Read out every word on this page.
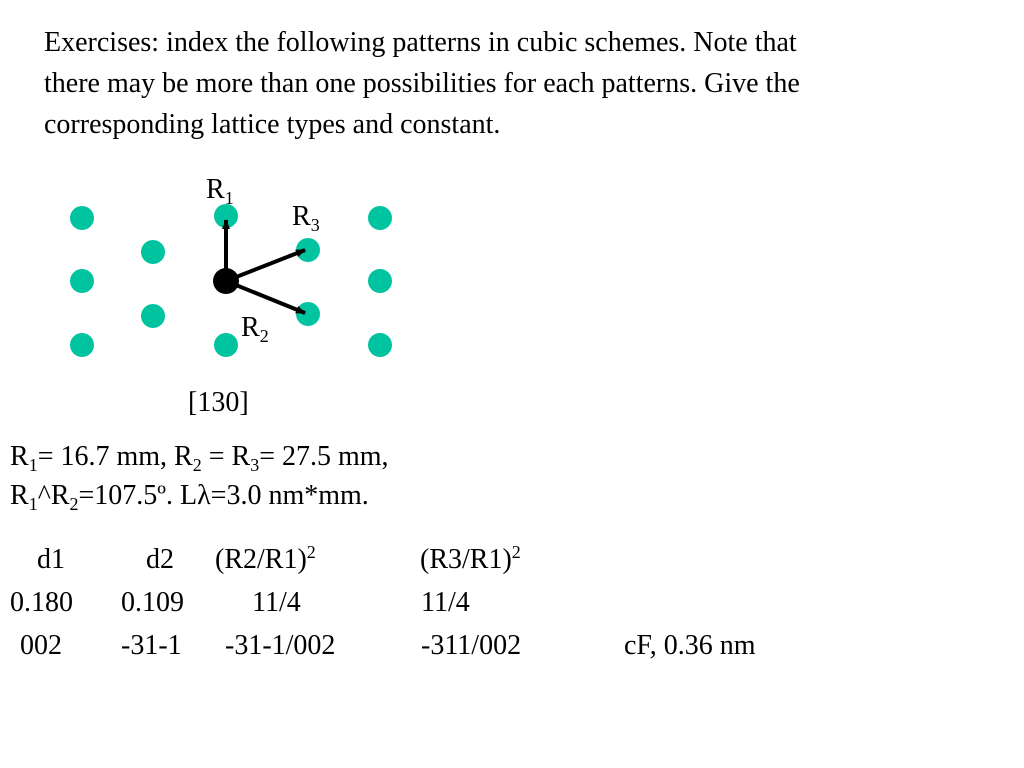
Exercises: index the following patterns in cubic schemes. Note that
there may be more than one possibilities for each patterns. Give the
corresponding lattice types and constant.
$R_1$
$R_3$
$R_2$
[130]
$R_1= 16.7$ mm, $R_2 = R_3= 27.5$ mm,
$R_1\^{}R_2=107.5º$. Lλ=3.0 nm*mm.
d1	d2 $(R2/R1)^2$	$(R3/R1)^2$
0.180 0.109 11/4	11/4
002 -31-1 -31-1/002	-311/002	cF, 0.36 nm
